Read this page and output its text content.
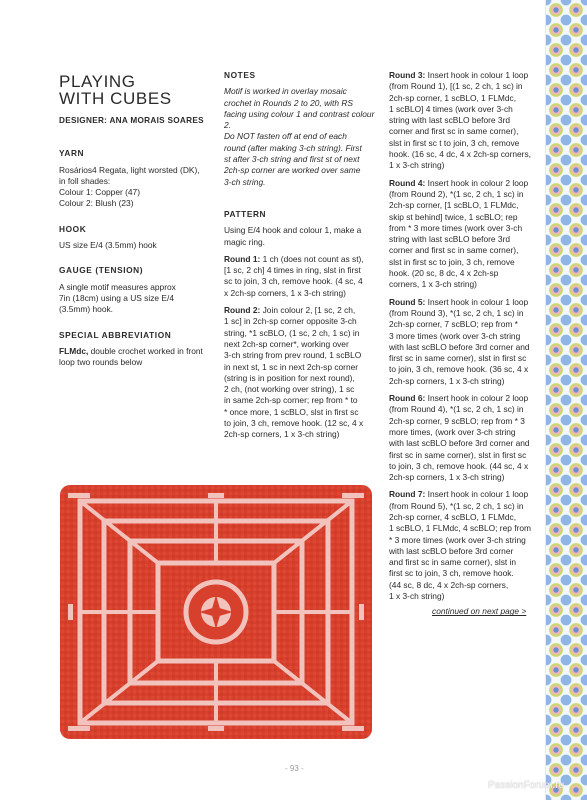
PLAYING
WITH CUBES
DESIGNER: ANA MORAIS SOARES
YARN
Rosários4 Regata, light worsted (DK),
in foll shades:
Colour 1: Copper (47)
Colour 2: Blush (23)
HOOK
US size E/4 (3.5mm) hook
GAUGE (TENSION)
A single motif measures approx
7in (18cm) using a US size E/4
(3.5mm) hook.
SPECIAL ABBREVIATION
FLMdc, double crochet worked in front
loop two rounds below
NOTES
Motif is worked in overlay mosaic
crochet in Rounds 2 to 20, with RS
facing using colour 1 and contrast colour
2.
Do NOT fasten off at end of each
round (after making 3-ch string). First
st after 3-ch string and first st of next
2ch-sp corner are worked over same
3-ch string.
PATTERN
Using E/4 hook and colour 1, make a
magic ring.
Round 1: 1 ch (does not count as st),
[1 sc, 2 ch] 4 times in ring, slst in first
sc to join, 3 ch, remove hook. (4 sc, 4
x 2ch-sp corners, 1 x 3-ch string)
Round 2: Join colour 2, [1 sc, 2 ch,
1 sc] in 2ch-sp corner opposite 3-ch
string, *1 scBLO, (1 sc, 2 ch, 1 sc) in
next 2ch-sp corner*, working over
3-ch string from prev round, 1 scBLO
in next st, 1 sc in next 2ch-sp corner
(string is in position for next round),
2 ch, (not working over string), 1 sc
in same 2ch-sp corner; rep from * to
* once more, 1 scBLO, slst in first sc
to join, 3 ch, remove hook. (12 sc, 4 x
2ch-sp corners, 1 x 3-ch string)
Round 3: Insert hook in colour 1 loop
(from Round 1), [(1 sc, 2 ch, 1 sc) in
2ch-sp corner, 1 scBLO, 1 FLMdc,
1 scBLO] 4 times (work over 3-ch
string with last scBLO before 3rd
corner and first sc in same corner),
slst in first sc t to join, 3 ch, remove
hook. (16 sc, 4 dc, 4 x 2ch-sp corners,
1 x 3-ch string)
Round 4: Insert hook in colour 2 loop
(from Round 2), *(1 sc, 2 ch, 1 sc) in
2ch-sp corner, [1 scBLO, 1 FLMdc,
skip st behind] twice, 1 scBLO; rep
from * 3 more times (work over 3-ch
string with last scBLO before 3rd
corner and first sc in same corner),
slst in first sc to join, 3 ch, remove
hook. (20 sc, 8 dc, 4 x 2ch-sp
corners, 1 x 3-ch string)
Round 5: Insert hook in colour 1 loop
(from Round 3), *(1 sc, 2 ch, 1 sc) in
2ch-sp corner, 7 scBLO; rep from *
3 more times (work over 3-ch string
with last scBLO before 3rd corner and
first sc in same corner), slst in first sc
to join, 3 ch, remove hook. (36 sc, 4 x
2ch-sp corners, 1 x 3-ch string)
Round 6: Insert hook in colour 2 loop
(from Round 4), *(1 sc, 2 ch, 1 sc) in
2ch-sp corner, 9 scBLO; rep from * 3
more times, (work over 3-ch string
with last scBLO before 3rd corner and
first sc in same corner), slst in first sc
to join, 3 ch, remove hook. (44 sc, 4 x
2ch-sp corners, 1 x 3-ch string)
Round 7: Insert hook in colour 1 loop
(from Round 5), *(1 sc, 2 ch, 1 sc) in
2ch-sp corner, 4 scBLO, 1 FLMdc,
1 scBLO, 1 FLMdc, 4 scBLO; rep from
* 3 more times (work over 3-ch string
with last scBLO before 3rd corner
and first sc in same corner), slst in
first sc to join, 3 ch, remove hook.
(44 sc, 8 dc, 4 x 2ch-sp corners,
1 x 3-ch string)
continued on next page >
- 93 -
PassionForum.ru
